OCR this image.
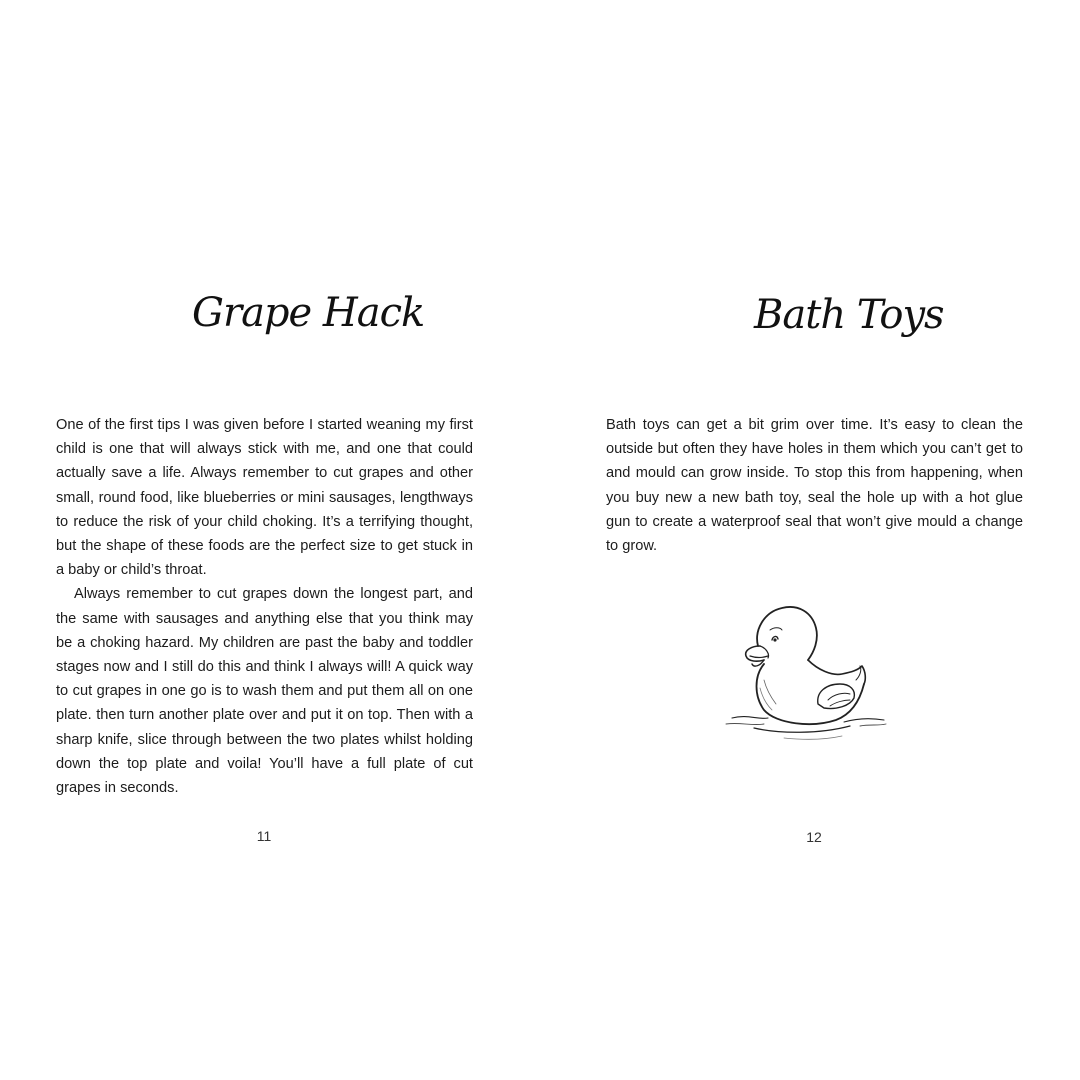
Grape Hack

One of the first tips I was given before I started weaning my first child is one that will always stick with me, and one that could actually save a life. Always remember to cut grapes and other small, round food, like blueberries or mini sausages, lengthways to reduce the risk of your child choking. It’s a terrifying thought, but the shape of these foods are the perfect size to get stuck in a baby or child’s throat.

Always remember to cut grapes down the longest part, and the same with sausages and anything else that you think may be a choking hazard. My children are past the baby and toddler stages now and I still do this and think I always will! A quick way to cut grapes in one go is to wash them and put them all on one plate. then turn another plate over and put it on top. Then with a sharp knife, slice through between the two plates whilst holding down the top plate and voila! You’ll have a full plate of cut grapes in seconds.

11
Bath Toys

Bath toys can get a bit grim over time. It’s easy to clean the outside but often they have holes in them which you can’t get to and mould can grow inside. To stop this from happening, when you buy new a new bath toy, seal the hole up with a hot glue gun to create a waterproof seal that won’t give mould a change to grow.

12
